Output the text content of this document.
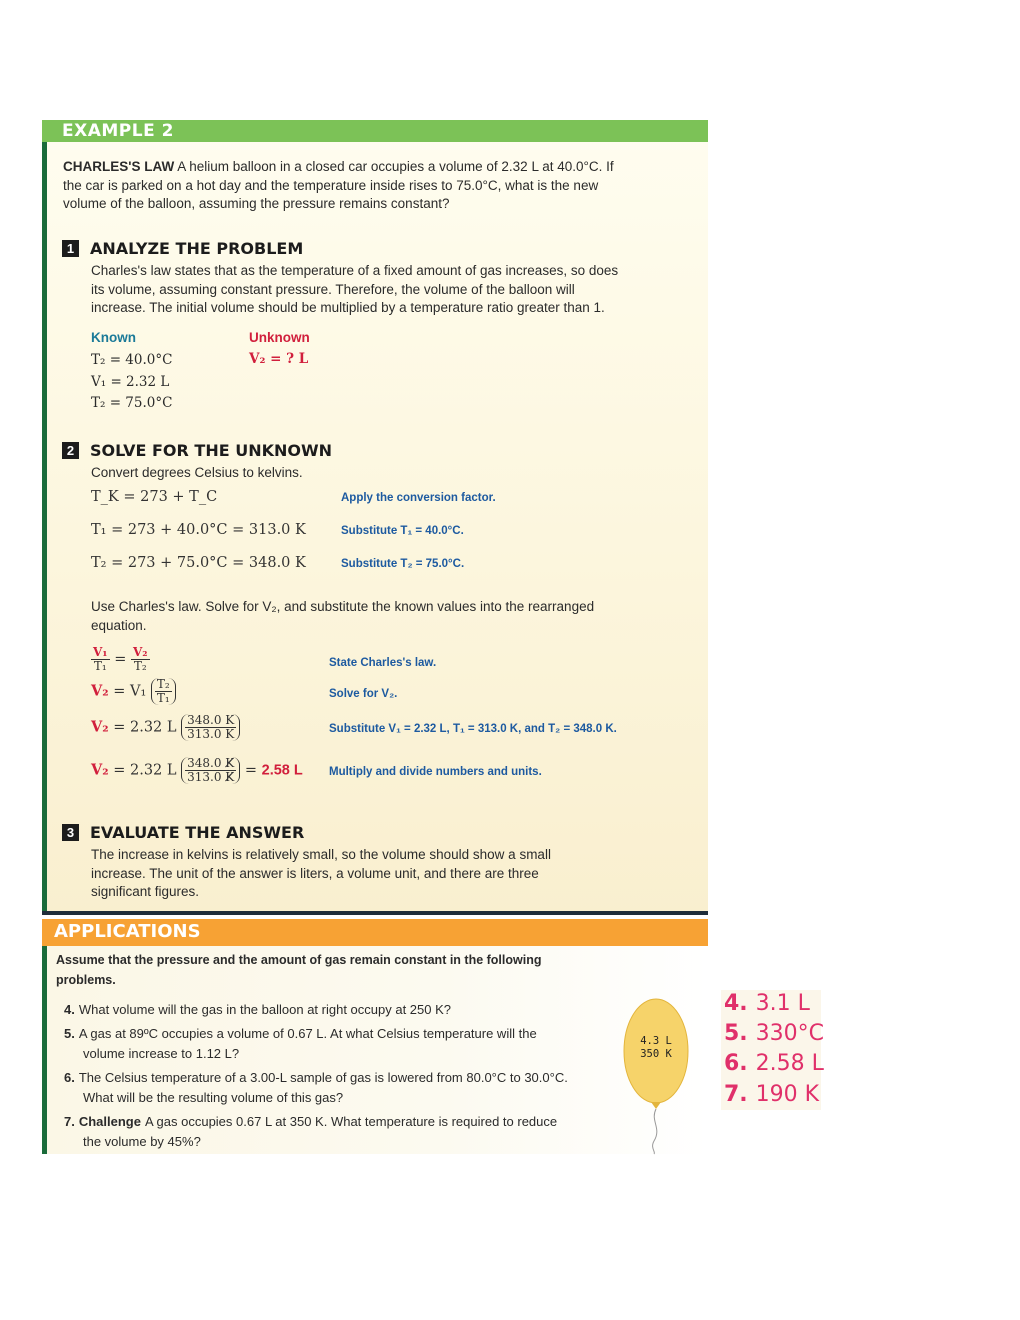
EXAMPLE 2
CHARLES'S LAW A helium balloon in a closed car occupies a volume of 2.32 L at 40.0°C. If
the car is parked on a hot day and the temperature inside rises to 75.0°C, what is the new
volume of the balloon, assuming the pressure remains constant?
1 ANALYZE THE PROBLEM
Charles's law states that as the temperature of a fixed amount of gas increases, so does
its volume, assuming constant pressure. Therefore, the volume of the balloon will
increase. The initial volume should be multiplied by a temperature ratio greater than 1.
Known
T₂ = 40.0°C
V₁ = 2.32 L
T₂ = 75.0°C
Unknown
V₂ = ? L
2 SOLVE FOR THE UNKNOWN
Convert degrees Celsius to kelvins.
T_K = 273 + T_C
T₁ = 273 + 40.0°C = 313.0 K
T₂ = 273 + 75.0°C = 348.0 K
Apply the conversion factor.
Substitute T₁ = 40.0°C.
Substitute T₂ = 75.0°C.
Use Charles's law. Solve for V₂, and substitute the known values into the rearranged
equation.
$\frac{\text{V₁}}{\text{T₁}} = \frac{\text{V₂}}{\text{T₂}}$
$V_2 = V_1 \frac{\text{T₂}}{\text{T₁}}$
V₂ = 2.32 L $\frac{348.0 K}{313.0 K}$
V₂ = 2.32 L $\frac{348.0 K̸}{313.0 K̸} = 2.58$ L
State Charles's law.
Solve for V₂.
Substitute V₁ = 2.32 L, T₁ = 313.0 K, and T₂ = 348.0 K.
Multiply and divide numbers and units.
3 EVALUATE THE ANSWER
The increase in kelvins is relatively small, so the volume should show a small
increase. The unit of the answer is liters, a volume unit, and there are three
significant figures.
APPLICATIONS
Assume that the pressure and the amount of gas remain constant in the following
problems.
4. What volume will the gas in the balloon at right occupy at 250 K?
5. A gas at 89ºC occupies a volume of 0.67 L. At what Celsius temperature will the
volume increase to 1.12 L?
6. The Celsius temperature of a 3.00-L sample of gas is lowered from 80.0°C to 30.0°C.
What will be the resulting volume of this gas?
7. Challenge A gas occupies 0.67 L at 350 K. What temperature is required to reduce
the volume by 45%?
4.3 L
350 K
4. 3.1 L
5. 330°C
6. 2.58 L
7. 190 K
